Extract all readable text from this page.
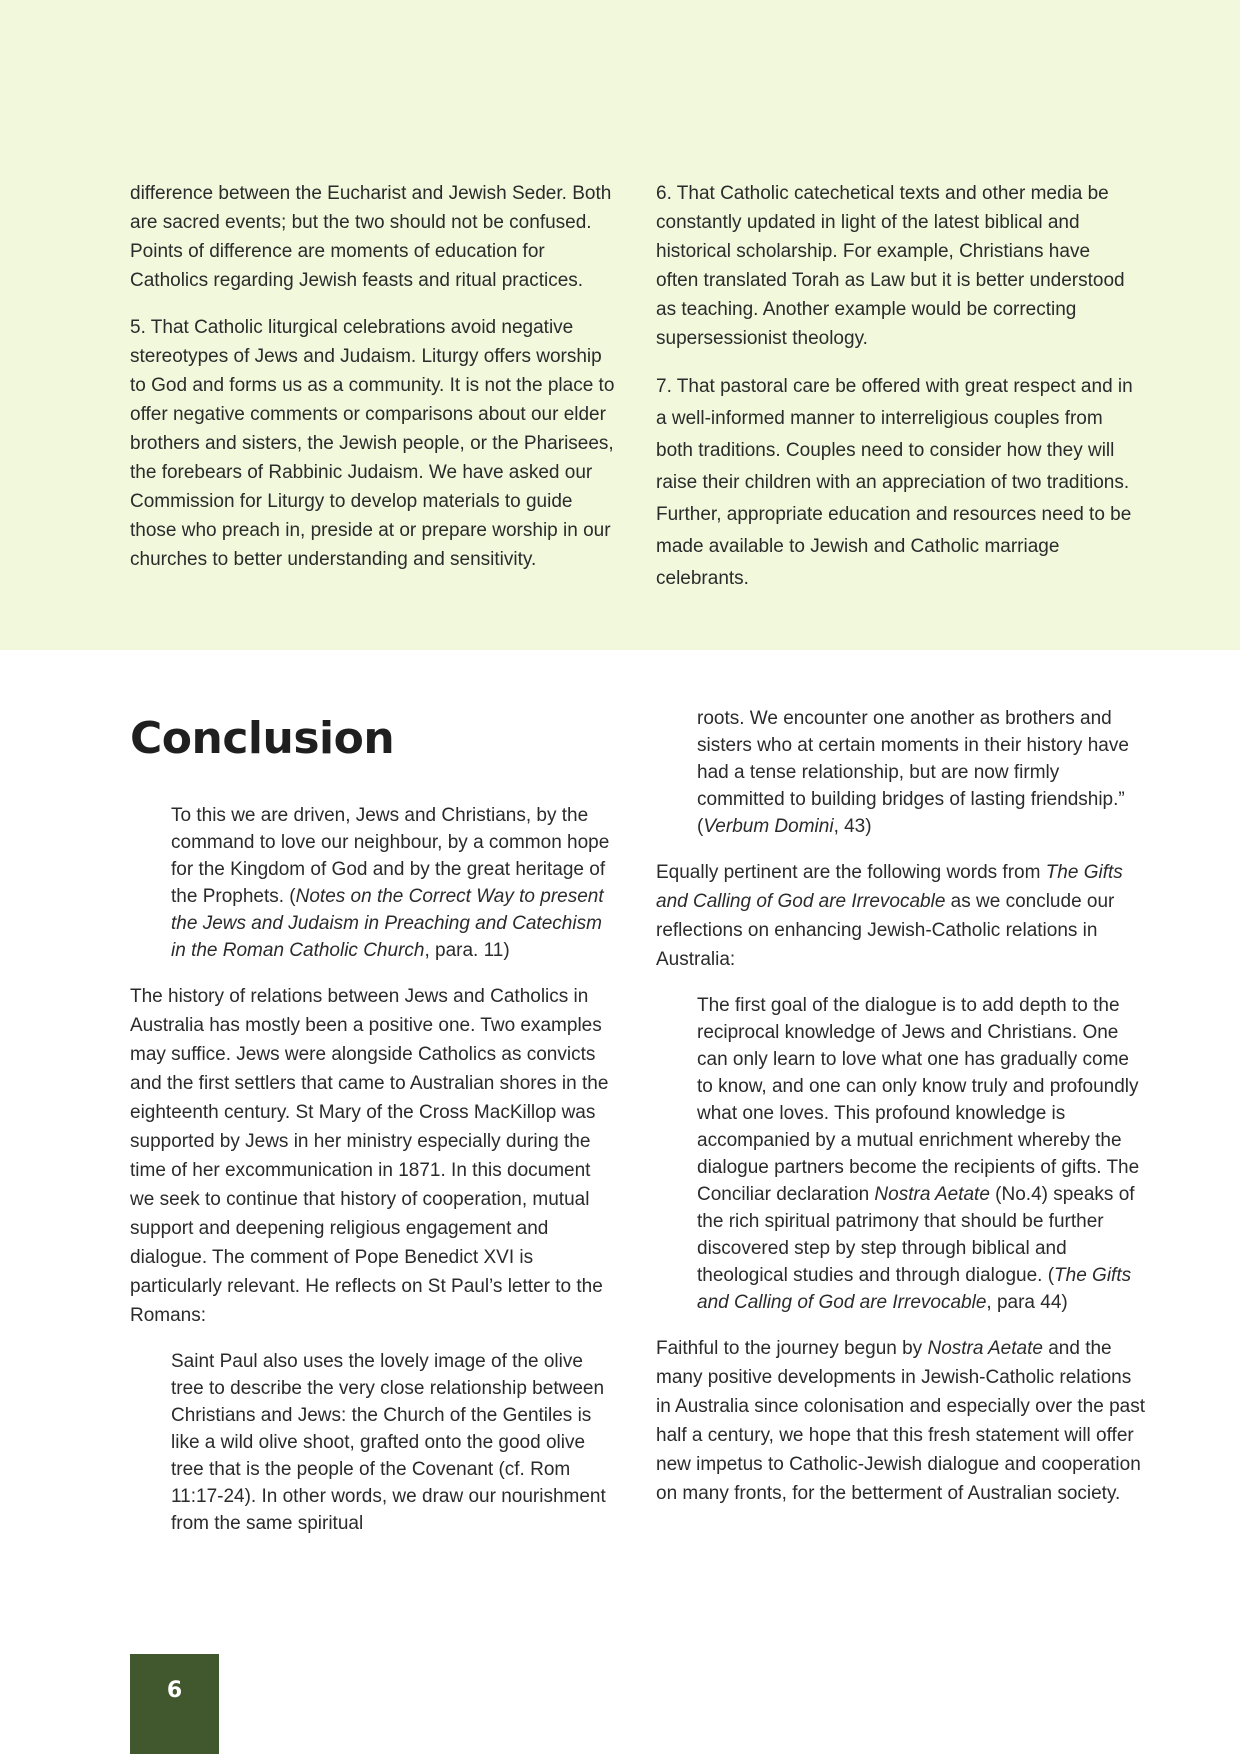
difference between the Eucharist and Jewish Seder. Both are sacred events; but the two should not be confused. Points of difference are moments of education for Catholics regarding Jewish feasts and ritual practices.

5. That Catholic liturgical celebrations avoid negative stereotypes of Jews and Judaism. Liturgy offers worship to God and forms us as a community. It is not the place to offer negative comments or comparisons about our elder brothers and sisters, the Jewish people, or the Pharisees, the forebears of Rabbinic Judaism. We have asked our Commission for Liturgy to develop materials to guide those who preach in, preside at or prepare worship in our churches to better understanding and sensitivity.

6. That Catholic catechetical texts and other media be constantly updated in light of the latest biblical and historical scholarship. For example, Christians have often translated Torah as Law but it is better understood as teaching. Another example would be correcting supersessionist theology.

7. That pastoral care be offered with great respect and in a well-informed manner to interreligious couples from both traditions. Couples need to consider how they will raise their children with an appreciation of two traditions. Further, appropriate education and resources need to be made available to Jewish and Catholic marriage celebrants.

Conclusion

To this we are driven, Jews and Christians, by the command to love our neighbour, by a common hope for the Kingdom of God and by the great heritage of the Prophets. (Notes on the Correct Way to present the Jews and Judaism in Preaching and Catechism in the Roman Catholic Church, para. 11)

The history of relations between Jews and Catholics in Australia has mostly been a positive one. Two examples may suffice. Jews were alongside Catholics as convicts and the first settlers that came to Australian shores in the eighteenth century. St Mary of the Cross MacKillop was supported by Jews in her ministry especially during the time of her excommunication in 1871. In this document we seek to continue that history of cooperation, mutual support and deepening religious engagement and dialogue. The comment of Pope Benedict XVI is particularly relevant. He reflects on St Paul’s letter to the Romans:

Saint Paul also uses the lovely image of the olive tree to describe the very close relationship between Christians and Jews: the Church of the Gentiles is like a wild olive shoot, grafted onto the good olive tree that is the people of the Covenant (cf. Rom 11:17-24). In other words, we draw our nourishment from the same spiritual

roots. We encounter one another as brothers and sisters who at certain moments in their history have had a tense relationship, but are now firmly committed to building bridges of lasting friendship.” (Verbum Domini, 43)

Equally pertinent are the following words from The Gifts and Calling of God are Irrevocable as we conclude our reflections on enhancing Jewish-Catholic relations in Australia:

The first goal of the dialogue is to add depth to the reciprocal knowledge of Jews and Christians. One can only learn to love what one has gradually come to know, and one can only know truly and profoundly what one loves. This profound knowledge is accompanied by a mutual enrichment whereby the dialogue partners become the recipients of gifts. The Conciliar declaration Nostra Aetate (No.4) speaks of the rich spiritual patrimony that should be further discovered step by step through biblical and theological studies and through dialogue. (The Gifts and Calling of God are Irrevocable, para 44)

Faithful to the journey begun by Nostra Aetate and the many positive developments in Jewish-Catholic relations in Australia since colonisation and especially over the past half a century, we hope that this fresh statement will offer new impetus to Catholic-Jewish dialogue and cooperation on many fronts, for the betterment of Australian society.

6
